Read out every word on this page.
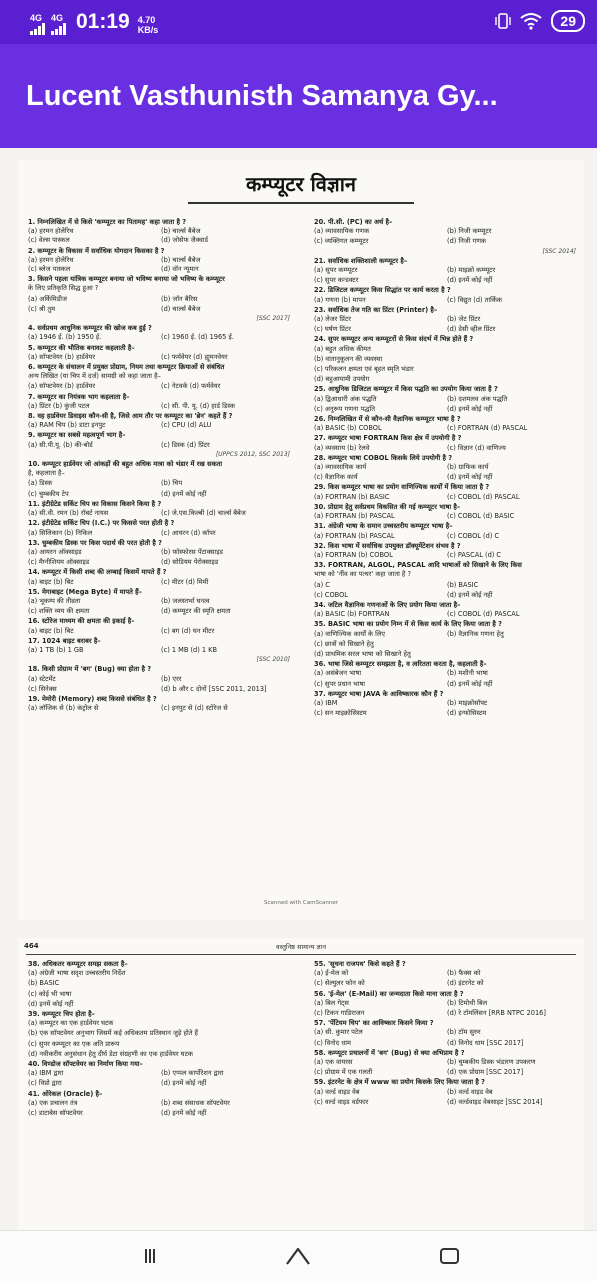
4G 4G 01:19 4.70
KB/s
29
Lucent Vasthunisth Samanya Gy...
कम्प्यूटर विज्ञान
1. निम्नलिखित में से किसे 'कम्प्यूटर का पितामह' कहा जाता है ?
(a) हरमन होलेरिथ	(b) चार्ल्स बैबेज
(c) वेल्स पास्कल	(d) जोसेफ जैक्वार्ड
2. कम्प्यूटर के विकास में सर्वाधिक योगदान किसका है ?
(a) हरमन होलेरिथ	(b) चार्ल्स बैबेज
(c) ब्लेज पास्कल	(d) वॉन न्यूमान
3. किसने पहला यांत्रिक कम्प्यूटर बनाया जो भविष्य बनाया जो भविष्य के कम्प्यूटर
के लिए प्रतिकृति सिद्ध हुआ ?
(a) अर्किमिडीज	(b) जॉन बैरिस
(c) श्री तुम	(d) चार्ल्स बैबेज
[SSC 2017]
4. सर्वप्रथम आधुनिक कम्प्यूटर की खोज कब हुई ?
(a) 1946 ई. (b) 1950 ई.	(c) 1960 ई. (d) 1965 ई.
5. कम्प्यूटर की भौतिक बनावट कहलाती है–
(a) सॉफ्टवेयर (b) हार्डवेयर	(c) फर्मवेयर (d) ह्यूमनवेयर
6. कम्प्यूटर के संचालन में प्रयुक्त प्रोग्राम, नियम तथा कम्प्यूटर क्रियाओं से संबंधित
अन्य लिखित (या चिप में दर्ज) सामग्री को कहा जाता है–
(a) सॉफ्टवेयर (b) हार्डवेयर	(c) नेटवर्क (d) फर्मवेयर
7. कम्प्यूटर का नियंत्रक भाग कहलाता है–
(a) प्रिंटर (b) कुंजी पटल	(c) सी. पी. यू. (d) हार्ड डिस्क
8. वह हार्डवेयर डिवाइस कौन-सी है, जिसे आम तौर पर कम्प्यूटर का 'ब्रेन' कहते हैं ?
(a) RAM चिप (b) डाटा इनपुट	(c) CPU (d) ALU
9. कम्प्यूटर का सबसे महत्वपूर्ण भाग है–
(a) सी.पी.यू. (b) की-बोर्ड	(c) डिस्क (d) प्रिंटर
[UPPCS 2012, SSC 2013]
10. कम्प्यूटर हार्डवेयर जो आंकड़ों की बहुत अधिक मात्रा को भंडार में रख सकता
है, कहलाता है–
(a) डिस्क	(b) चिप
(c) चुम्बकीय टेप	(d) इनमें कोई नहीं
11. इंटीग्रेटेड सर्किट चिप का विकास किसने किया है ?
(a) सी.वी. रमन (b) रॉबर्ट नायस	(c) जे.एस.किल्बी (d) चार्ल्स बैबेज
12. इंटीग्रेटेड सर्किट चिप (I.C.) पर किससे परत होती है ?
(a) सिलिकान (b) निकिल	(c) आयरन (d) कॉपर
13. चुम्बकीय डिस्क पर किस पदार्थ की परत होती है ?
(a) आयरन ऑक्साइड	(b) फॉस्फोरस पेंटाक्साइड
(c) मैग्नीशियम ऑक्साइड	(d) सोडियम पेरोक्साइड
14. कम्प्यूटर में किसी शब्द की लम्बाई किसमें मापते हैं ?
(a) बाइट (b) बिट	(c) मीटर (d) मिमी
15. मेगाबाइट (Mega Byte) में मापते हैं–
(a) भूकम्प की तीव्रता	(b) जलस्तर्भा घनत्व
(c) शक्ति व्यय की क्षमता	(d) कम्प्यूटर की स्मृति क्षमता
16. स्टोरेज माध्यम की क्षमता की इकाई है–
(a) बाइट (b) बिट	(c) बग (d) घन मीटर
17. 1024 बाइट बराबर है–
(a) 1 TB (b) 1 GB	(c) 1 MB (d) 1 KB
[SSC 2010]
18. किसी प्रोग्राम में 'बग' (Bug) क्या होता है ?
(a) स्टेटमेंट	(b) एरर
(c) सिनेक्स	(d) b और c दोनों [SSC 2011, 2013]
19. मेमोरी (Memory) शब्द किससे संबंधित है ?
(a) लॉजिक से (b) कंट्रोल से	(c) इनपुट से (d) स्टोरेज से
20. पी.सी. (PC) का अर्थ है–
(a) व्यावसायिक गणक	(b) निजी कम्प्यूटर
(c) व्यक्तिगत कम्प्यूटर	(d) निजी गणक
[SSC 2014]
21. सर्वाधिक शक्तिशाली कम्प्यूटर है–
(a) सुपर कम्प्यूटर	(b) माइक्रो कम्प्यूटर
(c) सुपर कन्डक्टर	(d) इनमें कोई नहीं
22. डिजिटल कम्प्यूटर किस सिद्धांत पर कार्य करता है ?
(a) गणना (b) मापन	(c) विद्युत (d) तार्किक
23. सर्वाधिक तेज गति का प्रिंटर (Printer) है–
(a) लेजर प्रिंटर	(b) जेट प्रिंटर
(c) घर्षण प्रिंटर	(d) डेसी व्हील प्रिंटर
24. सुपर कम्प्यूटर अन्य कम्प्यूटरों से किस संदर्भ में भिन्न होते हैं ?
(a) बहुत अधिक कीमत
(b) वातानुकूलन की व्यवस्था
(c) परिकलन क्षमता एवं बृहत स्मृति भंडार
(d) बहुआयामी उपयोग
25. आधुनिक डिजिटल कम्प्यूटर में किस पद्धति का उपयोग किया जाता है ?
(a) द्विआधारी अंक पद्धति	(b) दशमलव अंक पद्धति
(c) अनुरूप गणना पद्धति	(d) इनमें कोई नहीं
26. निम्नलिखित में से कौन-सी वैज्ञानिक कम्प्यूटर भाषा है ?
(a) BASIC (b) COBOL	(c) FORTRAN (d) PASCAL
27. कम्प्यूटर भाषा FORTRAN किस क्षेत्र में उपयोगी है ?
(a) व्यवसाय (b) रेलवे	(c) विज्ञान (d) वाणिज्य
28. कम्प्यूटर भाषा COBOL किसके लिये उपयोगी है ?
(a) व्यावसायिक कार्य	(b) ग्राफिक कार्य
(c) वैज्ञानिक कार्य	(d) इनमें कोई नहीं
29. किस कम्प्यूटर भाषा का प्रयोग वाणिज्यिक कार्यों में किया जाता है ?
(a) FORTRAN (b) BASIC	(c) COBOL (d) PASCAL
30. प्रोग्राम हेतु सर्वप्रथम विकसित की गई कम्प्यूटर भाषा है–
(a) FORTRAN (b) PASCAL	(c) COBOL (d) BASIC
31. अंग्रेजी भाषा के समान उच्चस्तरीय कम्प्यूटर भाषा है–
(a) FORTRAN (b) PASCAL	(c) COBOL (d) C
32. किस भाषा में सर्वाधिक उपयुक्त डॉक्यूमेंटेशन संभव है ?
(a) FORTRAN (b) COBOL	(c) PASCAL (d) C
33. FORTRAN, ALGOL, PASCAL आदि भाषाओं को सिखाने के लिए किस
भाषा को 'नींव का पत्थर' कहा जाता है ?
(a) C	(b) BASIC
(c) COBOL	(d) इनमें कोई नहीं
34. जटिल वैज्ञानिक गणनाओं के लिए प्रयोग किया जाता है–
(a) BASIC (b) FORTRAN	(c) COBOL (d) PASCAL
35. BASIC भाषा का प्रयोग निम्न में से किस कार्य के लिए किया जाता है ?
(a) वाणिज्यिक कार्यों के लिए	(b) वैज्ञानिक गणना हेतु
(c) छात्रों को सिखाने हेतु
(d) प्राथमिक सरल भाषा को सिखाने हेतु
36. भाषा जिसे कम्प्यूटर समझता है, व त्वरितता करता है, कहलाती है–
(a) असंबेजन भाषा	(b) मशीनी भाषा
(c) सुपर प्रधान भाषा	(d) इनमें कोई नहीं
37. कम्प्यूटर भाषा JAVA के आविष्कारक कौन हैं ?
(a) IBM	(b) माइक्रोसॉफ्ट
(c) सन माइक्रोसिस्टम	(d) इन्फोसिस्टम
Scanned with CamScanner
464	वस्तुनिष्ठ सामान्य ज्ञान
38. अधिकतर कम्प्यूटर समझ सकता है–
(a) अंग्रेजी भाषा सदृश उच्चस्तरीय निर्देश
(b) BASIC
(c) कोई भी भाषा
(d) इनमें कोई नहीं
39. कम्प्यूटर चिप होता है–
(a) कम्प्यूटर का एक हार्डवेयर घटक
(b) एक सॉफ्टवेयर अनुभाग जिसमें कई अधिकतम प्रतिस्थान जुड़े होते हैं
(c) सुपर कम्प्यूटर का एक अति प्रारूप
(d) नवीकरीय अनुसंधान हेतु दीर्घ डेटा संग्रहणी का एक हार्डवेयर घटक
40. विण्डोज सॉफ्टवेयर का निर्माण किया गया–
(a) IBM द्वारा	(b) एप्पल कार्पोरेशन द्वारा
(c) विप्रो द्वारा	(d) इनमें कोई नहीं
41. ओरेकल (Oracle) है–
(a) एक प्रचालन तंत्र	(b) शब्द संसाधक सॉफ्टवेयर
(c) डाटाबेस सॉफ्टवेयर	(d) इनमें कोई नहीं
55. 'सूचना राजपथ' किसे कहते हैं ?
(a) ई-मेल को	(b) फैक्स को
(c) सेल्युलर फोन को	(d) इंटरनेट को
56. 'ई-मेल' (E-Mail) का जन्मदाता किसे माना जाता है ?
(a) बिल गेट्स	(b) टिमोथी बिल
(c) टिकन गाडिराजन	(d) रे टॉमलिंसन [RRB NTPC 2016]
57. 'पेंटियम चिप' का आविष्कार किसने किया ?
(a) सी. कुमार पटेल	(b) टॉम सुरुर
(c) विनोद धाम	(d) विनोद धाम [SSC 2017]
58. कम्प्यूटर प्रचालनों में 'बग' (Bug) से क्या अभिप्राय है ?
(a) एक वायरस	(b) चुम्बकीय डिस्क भंडारण उपकरण
(c) प्रोग्राम में एक गलती	(d) एक प्रोग्राम [SSC 2017]
59. इंटरनेट के क्षेत्र में www का प्रयोग किसके लिए किया जाता है ?
(a) वर्ल्ड वाइड वेब	(b) वर्ल्ड वाइड वेब
(c) वर्ल्ड वाइड वर्डफार	(d) वर्ल्डवाइड वेबसाइट [SSC 2014]
